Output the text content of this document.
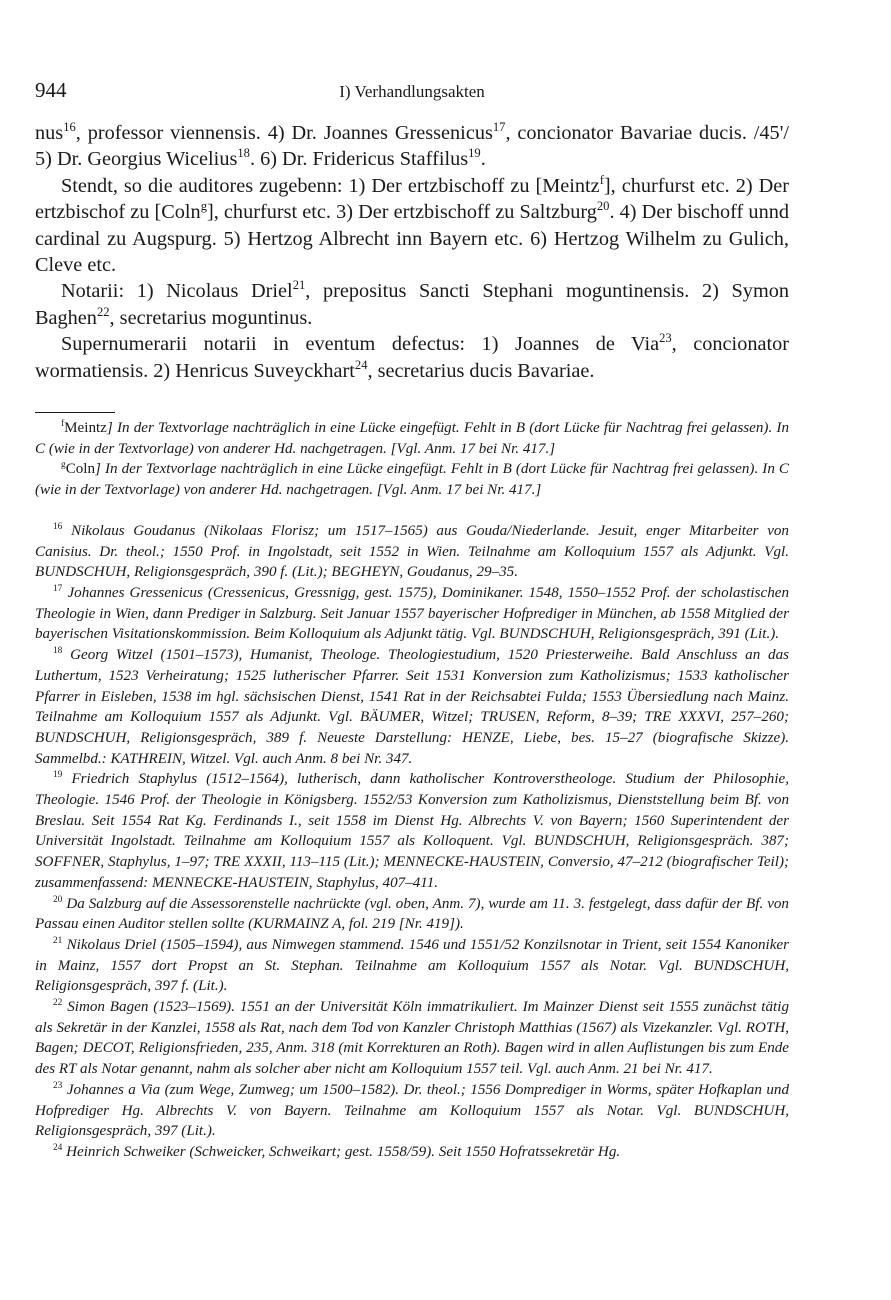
944	I) Verhandlungsakten

nus$^{16}$, professor viennensis. 4) Dr. Joannes Gressenicus$^{17}$, concionator Bavariae ducis. /45'/ 5) Dr. Georgius Wicelius$^{18}$. 6) Dr. Fridericus Staffilus$^{19}$.

Stendt, so die auditores zugebenn: 1) Der ertzbischoff zu [Meintz$^f$], churfurst etc. 2) Der ertzbischof zu [Coln$^g$], churfurst etc. 3) Der ertzbischoff zu Saltzburg$^{20}$. 4) Der bischoff unnd cardinal zu Augspurg. 5) Hertzog Albrecht inn Bayern etc. 6) Hertzog Wilhelm zu Gulich, Cleve etc.

Notarii: 1) Nicolaus Driel$^{21}$, prepositus Sancti Stephani moguntinensis. 2) Symon Baghen$^{22}$, secretarius moguntinus.

Supernumerarii notarii in eventum defectus: 1) Joannes de Via$^{23}$, concionator wormatiensis. 2) Henricus Suveyckhart$^{24}$, secretarius ducis Bavariae.

$^f$Meintz] In der Textvorlage nachträglich in eine Lücke eingefügt. Fehlt in B (dort Lücke für Nachtrag frei gelassen). In C (wie in der Textvorlage) von anderer Hd. nachgetragen. [Vgl. Anm. 17 bei Nr. 417.]

$^g$Coln] In der Textvorlage nachträglich in eine Lücke eingefügt. Fehlt in B (dort Lücke für Nachtrag frei gelassen). In C (wie in der Textvorlage) von anderer Hd. nachgetragen. [Vgl. Anm. 17 bei Nr. 417.]

$^{16}$ Nikolaus Goudanus (Nikolaas Florisz; um 1517–1565) aus Gouda/Niederlande. Jesuit, enger Mitarbeiter von Canisius. Dr. theol.; 1550 Prof. in Ingolstadt, seit 1552 in Wien. Teilnahme am Kolloquium 1557 als Adjunkt. Vgl. BUNDSCHUH, Religionsgespräch, 390 f. (Lit.); BEGHEYN, Goudanus, 29–35.

$^{17}$ Johannes Gressenicus (Cressenicus, Gressnigg, gest. 1575), Dominikaner. 1548, 1550–1552 Prof. der scholastischen Theologie in Wien, dann Prediger in Salzburg. Seit Januar 1557 bayerischer Hofprediger in München, ab 1558 Mitglied der bayerischen Visitationskommission. Beim Kolloquium als Adjunkt tätig. Vgl. BUNDSCHUH, Religionsgespräch, 391 (Lit.).

$^{18}$ Georg Witzel (1501–1573), Humanist, Theologe. Theologiestudium, 1520 Priesterweihe. Bald Anschluss an das Luthertum, 1523 Verheiratung; 1525 lutherischer Pfarrer. Seit 1531 Konversion zum Katholizismus; 1533 katholischer Pfarrer in Eisleben, 1538 im hgl. sächsischen Dienst, 1541 Rat in der Reichsabtei Fulda; 1553 Übersiedlung nach Mainz. Teilnahme am Kolloquium 1557 als Adjunkt. Vgl. BÄUMER, Witzel; TRUSEN, Reform, 8–39; TRE XXXVI, 257–260; BUNDSCHUH, Religionsgespräch, 389 f. Neueste Darstellung: HENZE, Liebe, bes. 15–27 (biografische Skizze). Sammelbd.: KATHREIN, Witzel. Vgl. auch Anm. 8 bei Nr. 347.

$^{19}$ Friedrich Staphylus (1512–1564), lutherisch, dann katholischer Kontroverstheologe. Studium der Philosophie, Theologie. 1546 Prof. der Theologie in Königsberg. 1552/53 Konversion zum Katholizismus, Dienststellung beim Bf. von Breslau. Seit 1554 Rat Kg. Ferdinands I., seit 1558 im Dienst Hg. Albrechts V. von Bayern; 1560 Superintendent der Universität Ingolstadt. Teilnahme am Kolloquium 1557 als Kolloquent. Vgl. BUNDSCHUH, Religionsgespräch. 387; SOFFNER, Staphylus, 1–97; TRE XXXII, 113–115 (Lit.); MENNECKE-HAUSTEIN, Conversio, 47–212 (biografischer Teil); zusammenfassend: MENNECKE-HAUSTEIN, Staphylus, 407–411.

$^{20}$ Da Salzburg auf die Assessorenstelle nachrückte (vgl. oben, Anm. 7), wurde am 11. 3. festgelegt, dass dafür der Bf. von Passau einen Auditor stellen sollte (KURMAINZ A, fol. 219 [Nr. 419]).

$^{21}$ Nikolaus Driel (1505–1594), aus Nimwegen stammend. 1546 und 1551/52 Konzilsnotar in Trient, seit 1554 Kanoniker in Mainz, 1557 dort Propst an St. Stephan. Teilnahme am Kolloquium 1557 als Notar. Vgl. BUNDSCHUH, Religionsgespräch, 397 f. (Lit.).

$^{22}$ Simon Bagen (1523–1569). 1551 an der Universität Köln immatrikuliert. Im Mainzer Dienst seit 1555 zunächst tätig als Sekretär in der Kanzlei, 1558 als Rat, nach dem Tod von Kanzler Christoph Matthias (1567) als Vizekanzler. Vgl. ROTH, Bagen; DECOT, Religionsfrieden, 235, Anm. 318 (mit Korrekturen an Roth). Bagen wird in allen Auflistungen bis zum Ende des RT als Notar genannt, nahm als solcher aber nicht am Kolloquium 1557 teil. Vgl. auch Anm. 21 bei Nr. 417.

$^{23}$ Johannes a Via (zum Wege, Zumweg; um 1500–1582). Dr. theol.; 1556 Domprediger in Worms, später Hofkaplan und Hofprediger Hg. Albrechts V. von Bayern. Teilnahme am Kolloquium 1557 als Notar. Vgl. BUNDSCHUH, Religionsgespräch, 397 (Lit.).

$^{24}$ Heinrich Schweiker (Schweicker, Schweikart; gest. 1558/59). Seit 1550 Hofratssekretär Hg.
